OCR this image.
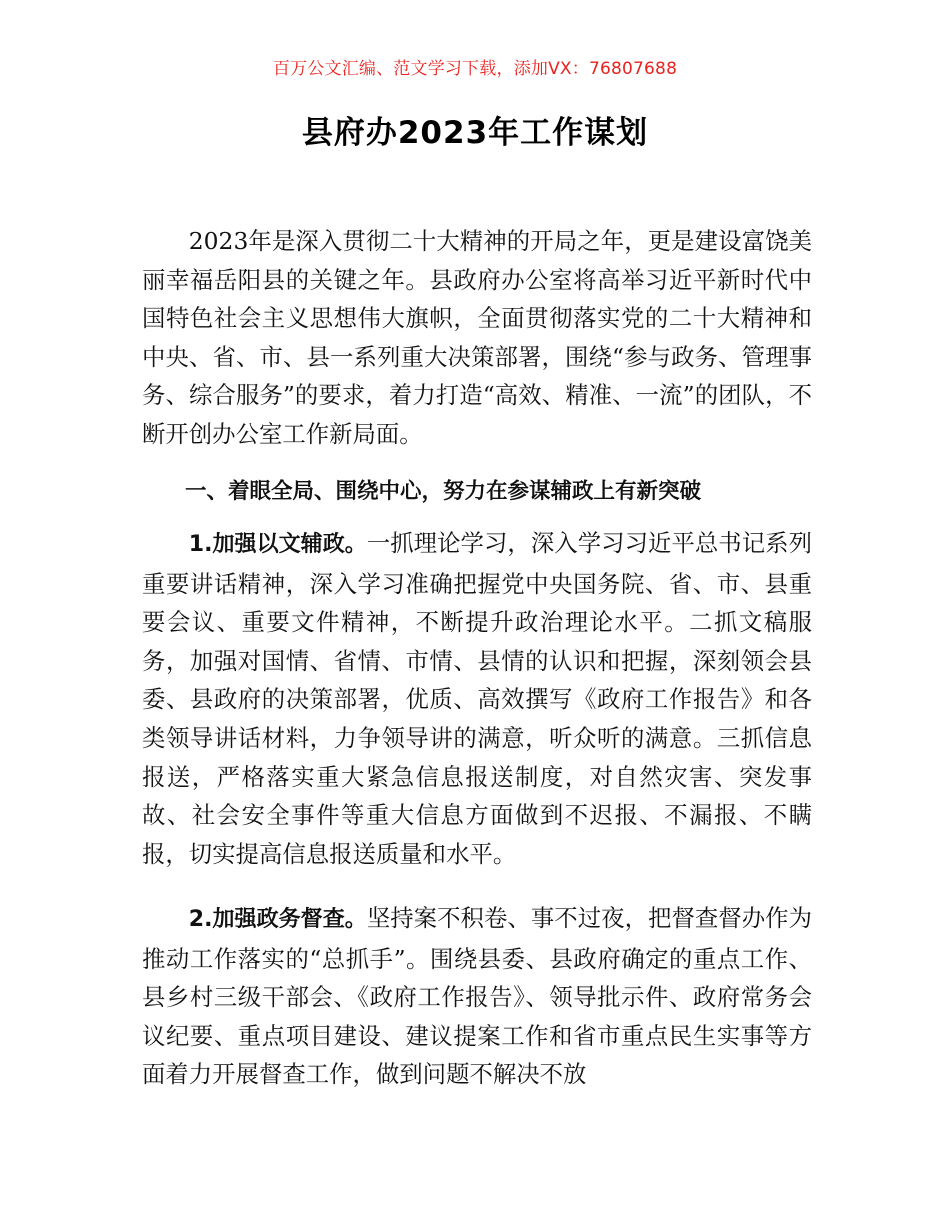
百万公文汇编、范文学习下载，添加VX：76807688
县府办2023年工作谋划

2023年是深入贯彻二十大精神的开局之年，更是建设富饶美丽幸福岳阳县的关键之年。县政府办公室将高举习近平新时代中国特色社会主义思想伟大旗帜，全面贯彻落实党的二十大精神和中央、省、市、县一系列重大决策部署，围绕“参与政务、管理事务、综合服务”的要求，着力打造“高效、精准、一流”的团队，不断开创办公室工作新局面。

一、着眼全局、围绕中心，努力在参谋辅政上有新突破

1.加强以文辅政。一抓理论学习，深入学习习近平总书记系列重要讲话精神，深入学习准确把握党中央国务院、省、市、县重要会议、重要文件精神，不断提升政治理论水平。二抓文稿服务，加强对国情、省情、市情、县情的认识和把握，深刻领会县委、县政府的决策部署，优质、高效撰写《政府工作报告》和各类领导讲话材料，力争领导讲的满意，听众听的满意。三抓信息报送，严格落实重大紧急信息报送制度，对自然灾害、突发事故、社会安全事件等重大信息方面做到不迟报、不漏报、不瞒报，切实提高信息报送质量和水平。

2.加强政务督查。坚持案不积卷、事不过夜，把督查督办作为推动工作落实的“总抓手”。围绕县委、县政府确定的重点工作、县乡村三级干部会、《政府工作报告》、领导批示件、政府常务会议纪要、重点项目建设、建议提案工作和省市重点民生实事等方面着力开展督查工作，做到问题不解决不放
